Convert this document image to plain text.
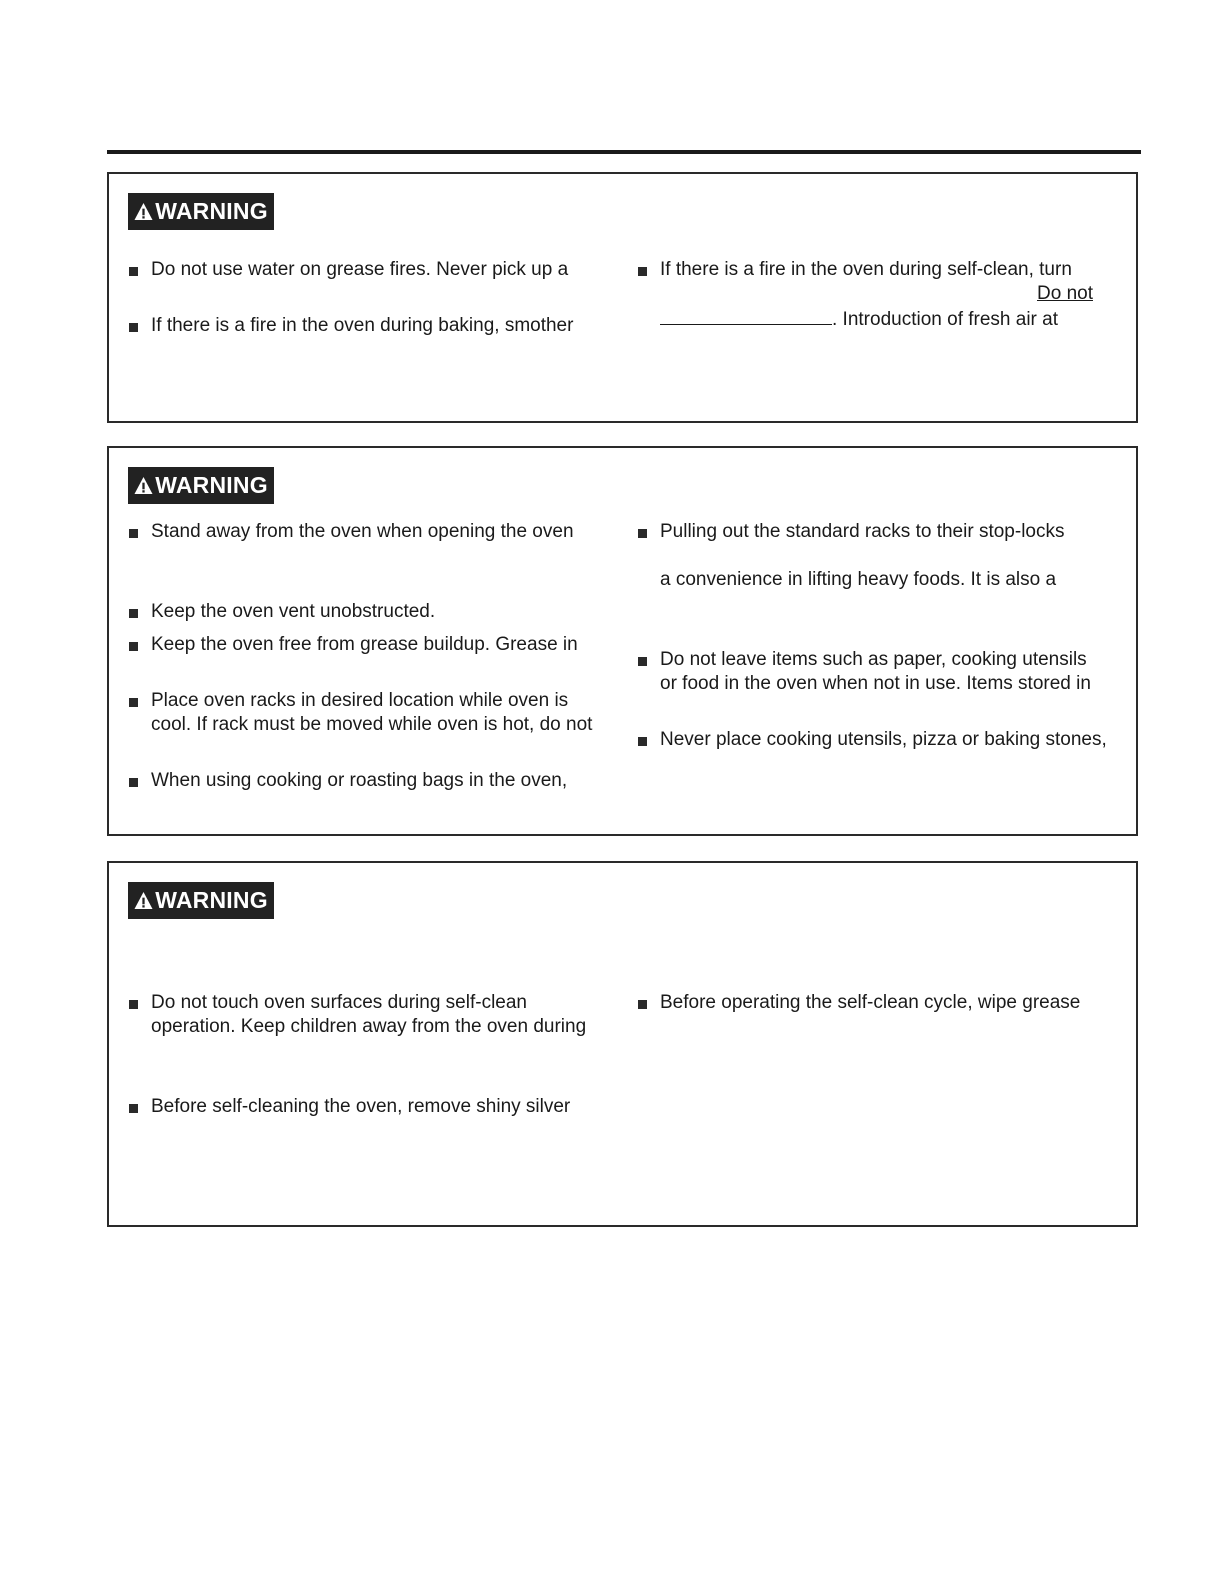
WARNING
Do not use water on grease fires. Never pick up a
If there is a fire in the oven during baking, smother
If there is a fire in the oven during self-clean, turn
Do not
. Introduction of fresh air at
WARNING
Stand away from the oven when opening the oven
Keep the oven vent unobstructed.
Keep the oven free from grease buildup. Grease in
Place oven racks in desired location while oven is
cool. If rack must be moved while oven is hot, do not
When using cooking or roasting bags in the oven,
Pulling out the standard racks to their stop-locks
a convenience in lifting heavy foods. It is also a
Do not leave items such as paper, cooking utensils
or food in the oven when not in use. Items stored in
Never place cooking utensils, pizza or baking stones,
WARNING
Do not touch oven surfaces during self-clean
operation. Keep children away from the oven during
Before self-cleaning the oven, remove shiny silver
Before operating the self-clean cycle, wipe grease
